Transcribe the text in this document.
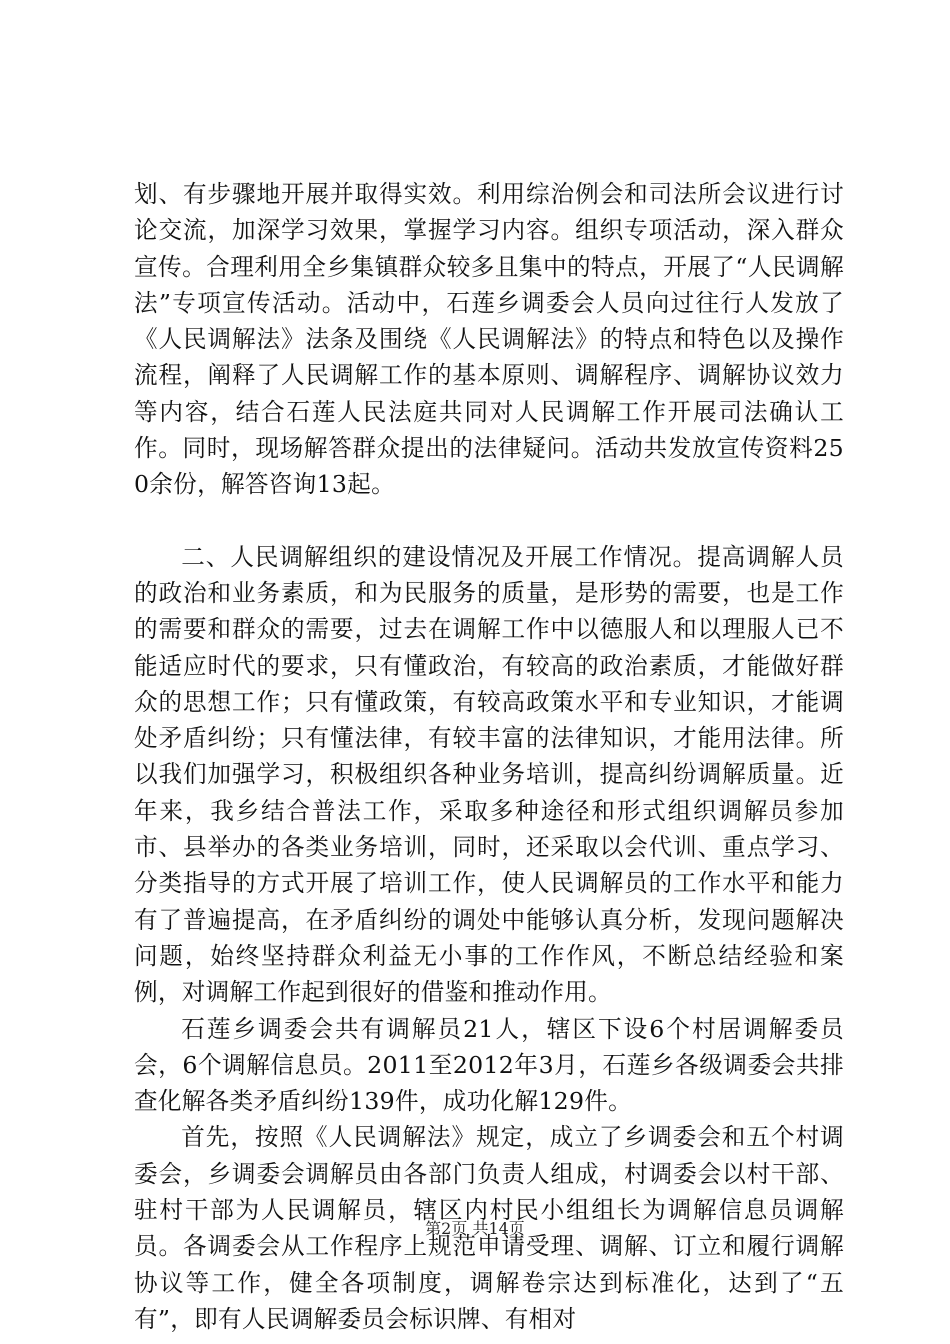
划、有步骤地开展并取得实效。利用综治例会和司法所会议进行讨论交流，加深学习效果，掌握学习内容。组织专项活动，深入群众宣传。合理利用全乡集镇群众较多且集中的特点，开展了“人民调解法”专项宣传活动。活动中，石莲乡调委会人员向过往行人发放了《人民调解法》法条及围绕《人民调解法》的特点和特色以及操作流程，阐释了人民调解工作的基本原则、调解程序、调解协议效力等内容，结合石莲人民法庭共同对人民调解工作开展司法确认工作。同时，现场解答群众提出的法律疑问。活动共发放宣传资料250余份，解答咨询13起。

二、人民调解组织的建设情况及开展工作情况。提高调解人员的政治和业务素质，和为民服务的质量，是形势的需要，也是工作的需要和群众的需要，过去在调解工作中以德服人和以理服人已不能适应时代的要求，只有懂政治，有较高的政治素质，才能做好群众的思想工作；只有懂政策，有较高政策水平和专业知识，才能调处矛盾纠纷；只有懂法律，有较丰富的法律知识，才能用法律。所以我们加强学习，积极组织各种业务培训，提高纠纷调解质量。近年来，我乡结合普法工作，采取多种途径和形式组织调解员参加市、县举办的各类业务培训，同时，还采取以会代训、重点学习、分类指导的方式开展了培训工作，使人民调解员的工作水平和能力有了普遍提高，在矛盾纠纷的调处中能够认真分析，发现问题解决问题，始终坚持群众利益无小事的工作作风，不断总结经验和案例，对调解工作起到很好的借鉴和推动作用。

石莲乡调委会共有调解员21人，辖区下设6个村居调解委员会，6个调解信息员。2011至2012年3月，石莲乡各级调委会共排查化解各类矛盾纠纷139件，成功化解129件。

首先，按照《人民调解法》规定，成立了乡调委会和五个村调委会，乡调委会调解员由各部门负责人组成，村调委会以村干部、驻村干部为人民调解员，辖区内村民小组组长为调解信息员调解员。各调委会从工作程序上规范申请受理、调解、订立和履行调解协议等工作，健全各项制度，调解卷宗达到标准化，达到了“五有”，即有人民调解委员会标识牌、有相对

第2页 共14页
